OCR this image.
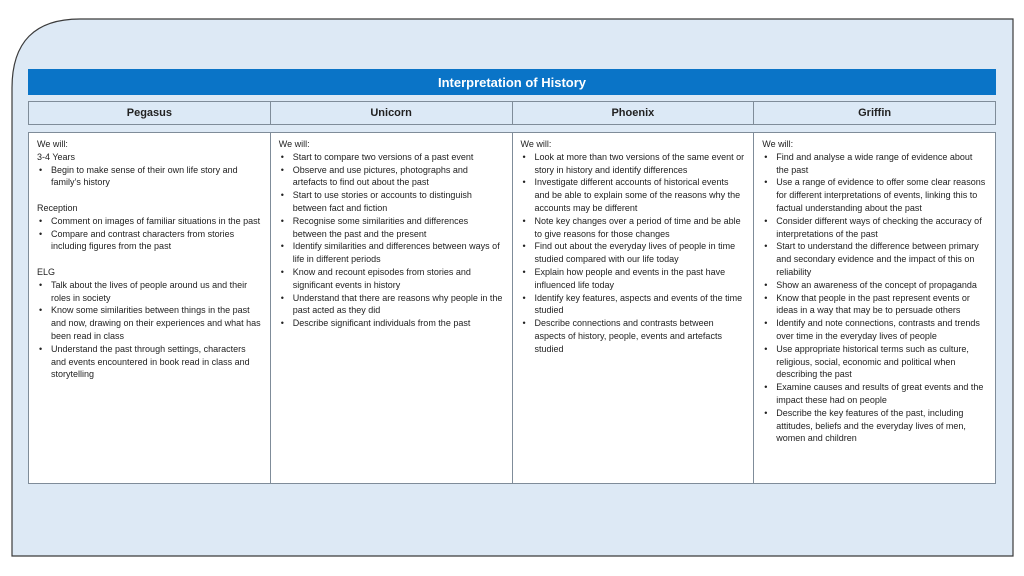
Interpretation of History
Pegasus	Unicorn	Phoenix	Griffin

We will:

3-4 Years

• Begin to make sense of their own life story and family’s history

Reception

• Comment on images of familiar situations in the past
• Compare and contrast characters from stories including figures from the past

ELG

• Talk about the lives of people around us and their roles in society
• Know some similarities between things in the past and now, drawing on their experiences and what has been read in class
• Understand the past through settings, characters and events encountered in book read in class and storytelling

We will:

• Start to compare two versions of a past event
• Observe and use pictures, photographs and artefacts to find out about the past
• Start to use stories or accounts to distinguish between fact and fiction
• Recognise some similarities and differences between the past and the present
• Identify similarities and differences between ways of life in different periods
• Know and recount episodes from stories and significant events in history
• Understand that there are reasons why people in the past acted as they did
• Describe significant individuals from the past

We will:

• Look at more than two versions of the same event or story in history and identify differences
• Investigate different accounts of historical events and be able to explain some of the reasons why the accounts may be different
• Note key changes over a period of time and be able to give reasons for those changes
• Find out about the everyday lives of people in time studied compared with our life today
• Explain how people and events in the past have influenced life today
• Identify key features, aspects and events of the time studied
• Describe connections and contrasts between aspects of history, people, events and artefacts studied

We will:

• Find and analyse a wide range of evidence about the past
• Use a range of evidence to offer some clear reasons for different interpretations of events, linking this to factual understanding about the past
• Consider different ways of checking the accuracy of interpretations of the past
• Start to understand the difference between primary and secondary evidence and the impact of this on reliability
• Show an awareness of the concept of propaganda
• Know that people in the past represent events or ideas in a way that may be to persuade others
• Identify and note connections, contrasts and trends over time in the everyday lives of people
• Use appropriate historical terms such as culture, religious, social, economic and political when describing the past
• Examine causes and results of great events and the impact these had on people
• Describe the key features of the past, including attitudes, beliefs and the everyday lives of men, women and children
